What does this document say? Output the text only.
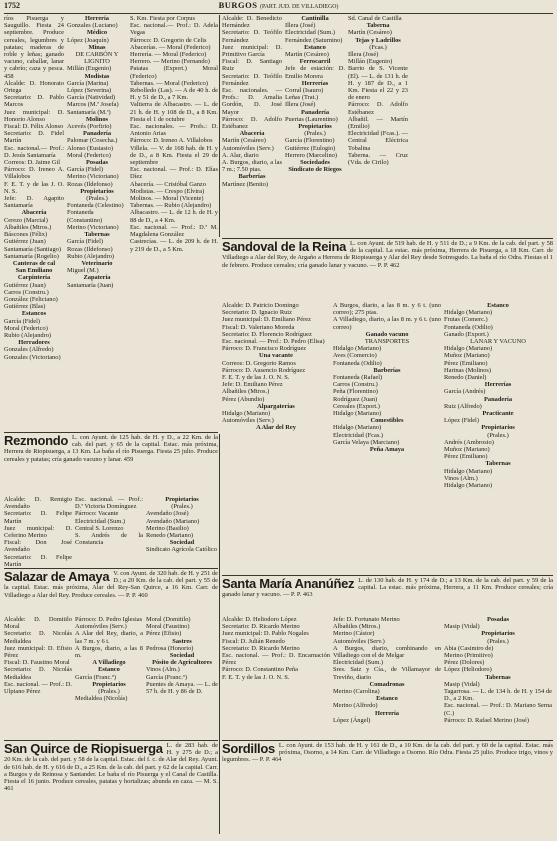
1752	BURGOS (PART. JUD. DE VILLADIEGO)

ríos Pisuerga y Sauguillo. Fiesta 24 septiembre. Produce cereales, legumbres y patatas; maderas de roble y leñas; ganado vacuno, caballar, lanar y cabrío; caza y pesca. 458

Alcalde: D. Honorato Ortega

Secretario: D. Pablo Marcos

Juez municipal: D. Honorio Alonso

Fiscal: D. Félix Alonso

Secretario: D. Fidel Martín

Esc. nacional.— Prof.: D. Jesús Santamaría

Correos: D. Jaime Gil

Párroco: D. Ireneo A. Villalobos

F. E. T. y de las J. O. N. S.

Jefe: D. Agapito Santamaría

Abacería

Cerezo (Marcial)

Albañiles (Mtros.)

Báscones (Félix)

Gutiérrez (Juan)

Santamaría (Santiago)

Santamaría (Rogelio)

Canteras de cal

San Emiliano

Carpintería

Gutiérrez (Juan)

Carros (Constru.)

González (Feliciano)

Gutiérrez (Blas)

Estancos

García (Fidel)

Moral (Federico)

Rubio (Alejandro)

Herradores

Gonzales (Alfredo)

Gonzales (Victoriano)

Herrería

Gonzales (Luciano)

Médico

López (Joaquín)

Minas

DE CARBÓN Y LIGNITO

Millán (Eugenio)

Modistas

García (Marina)

López (Severina)

García (Natividad)

Marcos (M.ª Josefa)

Santamaría (M.ª)

Molinos

Acevés (Porfirio)

Panadería

Palomar (Cosecha.)

Alonso (Eustasio)

Moral (Federico)

Posadas

García (Fidel)

Merino (Victoriano)

Rozas (Ildefonso)

Propietarios

(Prales.)

Fontaneda (Celestino)

Fontaneda (Constantino)

Merino (Victoriano)

Tabernas

García (Fidel)

Rozas (Ildefonso)

Rubio (Alejandro)

Veterinario

Miguel (M.)

Zapatería

Santamaría (Juan)

S. Km. Fiesta por Corpus

Esc. nacional.— Prof.: D. Adela Vegas

Párroco: D. Gregorio de Celis

Abacerías. — Moral (Federico)

Herrería. — Moral (Federico)

Herrero. — Merino (Fernando)

Patatas (Export.) Moral (Federico)

Tabernas. — Moral (Federico)

Rebolledo (Las). — A de 40 h. de H. y 51 de D., a 7 Km.

Valtierra de Albacastro. — L. de 21 h. de H. y 108 de D., a 8 Km. Fiesta el 1 de octubre

Esc. nacionales. — Profs.: D. Antonio Arias

Párroco: D. Ireneo A. Villalobos

Villela. — V. de 168 hab. de H. y de D., a 8 Km. Fiesta el 29 de septiembre

Esc. nacional. — Prof.: D. Elías Díez

Abacería. — Cristóbal Ganzo

Modistas. — Crespo (Elvira)

Molinos. — Moral (Vicente)

Tabernas. — Rubio (Alejandro)

Albacastro. — L. de 12 h. de H. y 88 de D., a 4 Km.

Esc. nacional. — Prof.: D.ª M. Magdalena González

Castrecías. — L. de 209 h. de H. y 219 de D., a 5 Km.

Alcalde: D. Benedicto Hernández

Secretario: D. Teófilo Fernández

Juez municipal: D. Primitivo García

Fiscal: D. Santiago Ruiz

Secretario: D. Teófilo Fernández

Esc. nacionales. — Profs.: D. Amalia Gordón, D. José Mayor

Párroco: D. Adolfo Estébanez

Abacería

Martín (Cesáreo)

Automóviles (Serv.)

A. Alar, diario

A. Burgos, diario, a las 7 m.; 7.50 ptas.

Barberías

Martínez (Benito)

Cantinilla

Illera (José)

Electricidad (Sum.)

Fernández (Saturnino)

Estanco

Martín (Cesáreo)

Ferrocarril

Jefe de estación: D. Emilio Morera

Herrerías

Corral (Isauro)

Leñas (Trat.)

Illera (José)

Panadería

Puertas (Laurentino)

Propietarios

(Prales.)

García (Florentino)

Gutiérrez (Eulogio)

Herrero (Marcelino)

Sociedades

Sindicato de Riegos

Sd. Canal de Castilla

Taberna

Martín (Cesáreo)

Tejas y Ladrillos

(Fcas.)

Illera (José)

Millán (Eugenio)

Barrio de S. Vicente (El). — L. de 131 h. de H. y 187 de D., a 1 Km. Fiesta el 22 y 23 de enero

Párroco: D. Adolfo Estébanez

Albañil. — Martín (Emilio)

Electricidad (Fcas.). — Central Eléctrica Tobalina

Taberna. — Cruz (Vda. de Cirilo)

Sandoval de la Reina L. con Ayunt. de 519 hab. de H. y 511 de D.; a 9 Km. de la cab. del part. y 58 de la capital. La estac. más próxima, Herrera de Pisuerga, a 18 Km. Carr. de Villadiego a Alar del Rey, de Argaño a Herrera de Riopisuerga y Alar del Rey desde Sotresgudo. La baña el río Odra. Fiestas el 1 de febrero. Produce cereales; cría ganado lanar y vacuno. — P. P. 462

Alcalde: D. Patricio Domingo

Secretario: D. Ignacio Ruiz

Juez municipal: D. Emiliano Pérez

Fiscal: D. Valeriano Moreda

Secretario: D. Florencio Rodríguez

Esc. nacional. — Prof.: D. Pedro (Elisa)

Párroco: D. Francisco Rodríguez

Una vacante

Correos: D. Gregorio Ramos

Párroco: D. Ausencio Rodríguez

F. E. T. y de las J. O. N. S.

Jefe: D. Emiliano Pérez

Albañiles (Mtros.)

Pérez (Abundio)

Alpargaterías

Hidalgo (Mariano)

Automóviles (Serv.)

A Alar del Rey

A Burgos, diario, a las 8 m. y 6 t. (uno correo); 275 ptas.

A Villadiego, diario, a las 8 m. y 6 t. (uno correo)

Ganado vacuno

TRANSPORTES

Hidalgo (Mariano)

Aves (Comercio)

Fontaneda (Odilio)

Barberías

Fontaneda (Rafael)

Carros (Constru.)

Peña (Florentino)

Rodríguez (Juan)

Cereales (Export.)

Hidalgo (Mariano)

Comestibles

Hidalgo (Mariano)

Electricidad (Fcas.)

García Velaya (Marciano)

Peña Amaya

Estanco

Hidalgo (Mariano)

Frutas (Comerc.)

Fontaneda (Odilio)

Ganado (Export.)

LANAR Y VACUNO

Hidalgo (Mariano)

Muñoz (Mariano)

Pérez (Emiliano)

Harinas (Molinos)

Renedo (Daniel)

Herrerías

García (Andrés)

Panadería

Ruiz (Alfredo)

Practicante

López (Fidel)

Propietarios

(Prales.)

Andrés (Ambrosio)

Muñoz (Mariano)

Pérez (Emiliano)

Tabernas

Hidalgo (Mariano)

Vinos (Alm.)

Hidalgo (Mariano)

Rezmondo L. con Ayunt. de 125 hab. de H. y D., a 22 Km. de la cab. del part. y 65 de la capital. Estac. más próxima, Herrera de Riopisuerga, a 13 Km. La baña el río Pisuerga. Fiesta 25 julio. Produce cereales y patatas; cría ganado vacuno y lanar. 459

Alcalde: D. Remigio Avendaño

Secretario: D. Felipe Martín

Juez municipal: D. Ceferino Merino

Fiscal: Don José Avendaño

Secretario: D. Felipe Martín

Esc. nacional. — Prof.: D.ª Victoria Domínguez

Párroco: Vacante

Electricidad (Sum.)

Central S. Lorenzo

S. Andrés de la Constancia

Propietarios

(Prales.)

Avendaño (José)

Avendaño (Mariano)

Merino (Basilio)

Renedo (Mariano)

Sociedad

Sindicato Agrícola Católico

Salazar de Amaya V. con Ayunt. de 320 hab. de H. y 251 de D.; a 20 Km. de la cab. del part. y 55 de la capital. Estac. más próxima, Alar del Rey-San Quirce, a 16 Km. Carr. de Villadiego a Alar del Rey. Produce cereales. — P. P. 460

Alcalde: D. Domitilo Moral

Secretario: D. Nicolás Medialdea

Juez municipal: D. Efisio Pérez

Fiscal: D. Faustino Moral

Secretario: D. Nicolás Medialdea

Esc. nacional. — Prof.: D. Ulpiano Pérez

Párroco: D. Pedro Iglesias

Automóviles (Serv.)

A Alar del Rey, diario, a las 7 m. y 6 t.

A Burgos, diario, a las 8 m.

A Villadiego

Estanco

García (Franc.º)

Propietarios

(Prales.)

Medialdea (Nicolás)

Moral (Domitilo)

Moral (Faustino)

Pérez (Efisio)

Sastres

Pedrosa (Honorio)

Sociedad

Pósito de Agricultores

Vinos (Alm.)

García (Franc.º)

Puentes de Amaya. — L. de 57 h. de H. y 86 de D.

Santa María Ananúñez L. de 130 hab. de H. y 174 de D.; a 13 Km. de la cab. del part. y 59 de la capital. La estac. más próxima, Herrera, a 11 Km. Produce cereales; cría ganado lanar y vacuno. — P. P. 463

Alcalde: D. Heliodoro López

Secretario: D. Ricardo Merino

Juez municipal: D. Pablo Nogales

Fiscal: D. Julián Renedo

Secretario: D. Ricardo Merino

Esc. nacional. — Prof.: D. Encarnación Pérez

Párroco: D. Constantino Peña

F. E. T. y de las J. O. N. S.

Jefe: D. Fortunato Merino

Albañiles (Mtros.)

Merino (Cástor)

Automóviles (Serv.)

A Burgos, diario, combinando en Villadiego con el de Melgar

Electricidad (Sum.)

Sres. Saiz y Cía., de Villamayor de Treviño, diario

Comadronas

Merino (Carolina)

Estanco

Merino (Alfredo)

Herrería

López (Ángel)

Posadas

Masip (Vidal)

Propietarios

(Prales.)

Abia (Casimiro de)

Merino (Primitivo)

Pérez (Dolores)

López (Heliodoro)

Tabernas

Masip (Vidal)

Tagarrosa. — L. de 134 h. de H. y 154 de D., a 2 Km.

Esc. nacional. — Prof.: D. Mariano Serna (C.)

Párroco: D. Rafael Merino (José)

San Quirce de Riopisuerga L. de 283 hab. de H. y 275 de D.; a 20 Km. de la cab. del part. y 58 de la capital. Estac. del f. c. de Alar del Rey. Ayunt. de 616 hab. de H. y 616 de D., a 25 Km. de la cab. del part. y 62 de la capital. Carr. a Burgos y de Reinosa y Santander. Le baña el río Pisuerga y el Canal de Castilla. Fiesta el 16 junio. Produce cereales, patatas y hortalizas; abunda en caza. — M. S. 461

Sordillos L. con Ayunt. de 153 hab. de H. y 161 de D., a 10 Km. de la cab. del part. y 60 de la capital. Estac. más próxima, Osorno, a 14 Km. Carr. de Villadiego a Osorno. Río Odra. Fiesta 25 julio. Produce trigo, vinos y legumbres. — P. P. 464
